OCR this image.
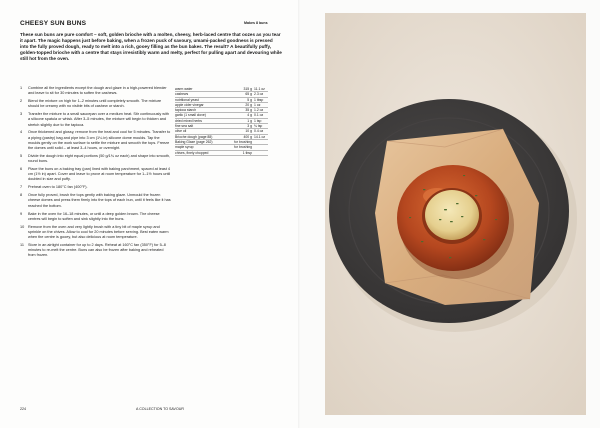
CHEESY SUN BUNS	Makes 8 buns
These sun buns are pure comfort – soft, golden brioche with a molten, cheesy, herb-laced centre that oozes as you tear it apart. The magic happens just before baking, when a frozen puck of savoury, umami-packed goodness is pressed into the fully proved dough, ready to melt into a rich, gooey filling as the bun bakes. The result? A beautifully puffy, golden-topped brioche with a centre that stays irresistibly warm and melty, perfect for pulling apart and devouring while still hot from the oven.
1	Combine all the ingredients except the dough and glaze in a high-powered blender and leave to sit for 30 minutes to soften the cashews.
2	Blend the mixture on high for 1–2 minutes until completely smooth. The mixture should be creamy with no visible bits of cashew or starch.
3	Transfer the mixture to a small saucepan over a medium heat. Stir continuously with a silicone spatula or whisk. After 3–5 minutes, the mixture will begin to thicken and stretch slightly due to the tapioca.
4	Once thickened and glossy, remove from the heat and cool for 5 minutes. Transfer to a piping (pastry) bag and pipe into 3 cm (1¼ in) silicone dome moulds. Tap the moulds gently on the work surface to settle the mixture and smooth the tops. Freeze the domes until solid – at least 3–4 hours, or overnight.
5	Divide the dough into eight equal portions (50 g/1¾ oz each) and shape into smooth, round buns.
6	Place the buns on a baking tray (pan) lined with baking parchment, spaced at least 4 cm (1½ in) apart. Cover and leave to prove at room temperature for 1–1½ hours until doubled in size and puffy.
7	Preheat oven to 180°C fan (400°F).
8	Once fully proved, brush the tops gently with baking glaze. Unmould the frozen cheese domes and press them firmly into the tops of each bun, until it feels like it has reached the bottom.
9	Bake in the oven for 16–18 minutes, or until a deep golden brown. The cheese centres will begin to soften and sink slightly into the buns.
10 Remove from the oven and very lightly brush with a tiny bit of maple syrup and sprinkle on the chives. Allow to cool for 20 minutes before serving. Best eaten warm when the centre is gooey, but also delicious at room temperature.
11	Store in an airtight container for up to 2 days. Reheat at 160°C fan (350°F) for 5–8 minutes to re-melt the centre. Buns can also be frozen after baking and reheated from frozen.
warm water	315 g	11.1 oz
cashews	65 g	2.3 oz
nutritional yeast	5 g	1 tbsp
apple cider vinegar	20 g	1 oz
tapioca starch	35 g	1.2 oz
garlic (1 small clove)	4 g	0.1 oz
dried mixed herbs	1 g	1 tsp
fine sea salt	3 g	¾ tsp
olive oil	10 g	0.4 oz
Brioche dough (page 88)	400 g	14.1 oz
Baking Glaze (page 262)	for brushing	
maple syrup	for brushing	
chives, finely chopped	1 tbsp	
224	A COLLECTION TO SAVOUR
